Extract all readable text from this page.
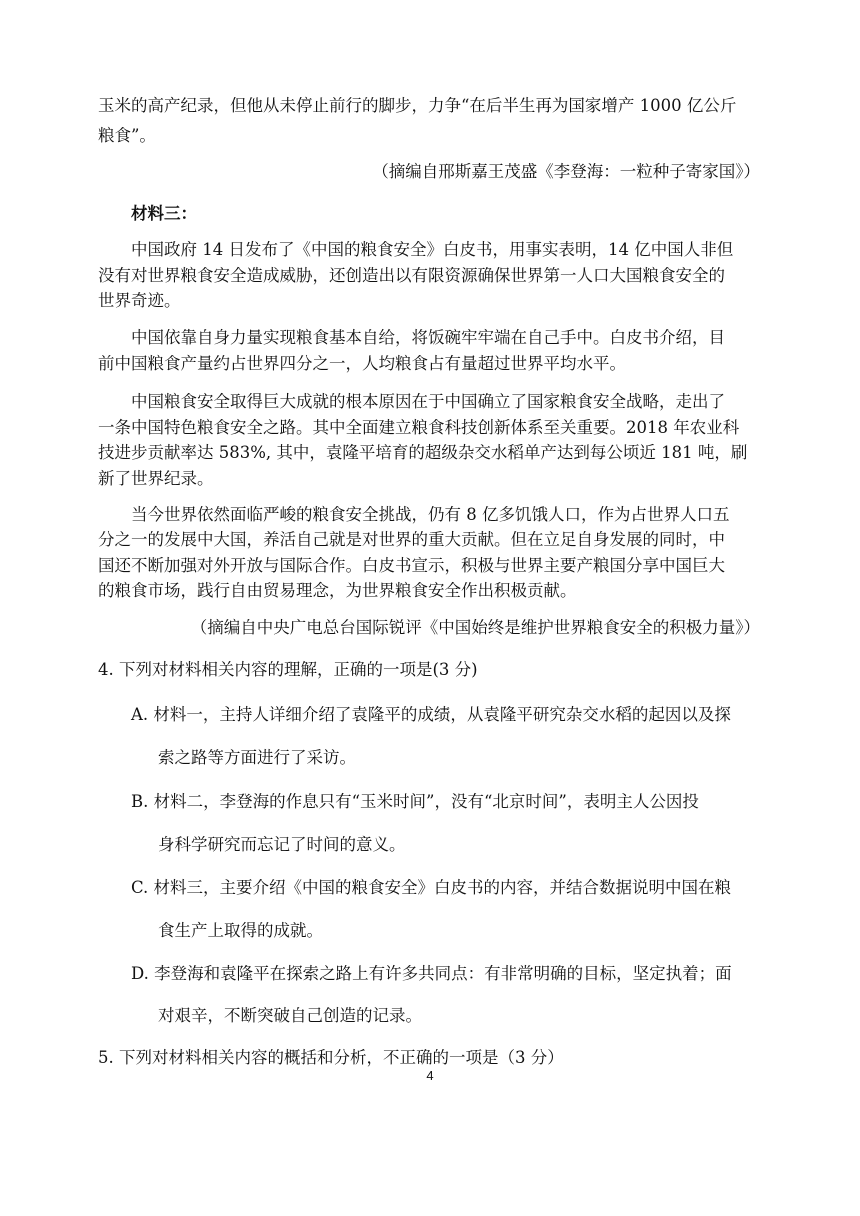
玉米的高产纪录，但他从未停止前行的脚步，力争“在后半生再为国家增产 1000 亿公斤
粮食”。
（摘编自邢斯嘉王茂盛《李登海：一粒种子寄家国》）
材料三：
中国政府 14 日发布了《中国的粮食安全》白皮书，用事实表明，14 亿中国人非但
没有对世界粮食安全造成威胁，还创造出以有限资源确保世界第一人口大国粮食安全的
世界奇迹。
中国依靠自身力量实现粮食基本自给，将饭碗牢牢端在自己手中。白皮书介绍，目
前中国粮食产量约占世界四分之一，人均粮食占有量超过世界平均水平。
中国粮食安全取得巨大成就的根本原因在于中国确立了国家粮食安全战略，走出了
一条中国特色粮食安全之路。其中全面建立粮食科技创新体系至关重要。2018 年农业科
技进步贡献率达 583%, 其中，袁隆平培育的超级杂交水稻单产达到每公顷近 181 吨，刷
新了世界纪录。
当今世界依然面临严峻的粮食安全挑战，仍有 8 亿多饥饿人口，作为占世界人口五
分之一的发展中大国，养活自己就是对世界的重大贡献。但在立足自身发展的同时，中
国还不断加强对外开放与国际合作。白皮书宣示，积极与世界主要产粮国分享中国巨大
的粮食市场，践行自由贸易理念，为世界粮食安全作出积极贡献。
（摘编自中央广电总台国际锐评《中国始终是维护世界粮食安全的积极力量》）
4. 下列对材料相关内容的理解，正确的一项是(3 分)
A. 材料一，主持人详细介绍了袁隆平的成绩，从袁隆平研究杂交水稻的起因以及探
索之路等方面进行了采访。
B. 材料二，李登海的作息只有“玉米时间”，没有“北京时间”，表明主人公因投
身科学研究而忘记了时间的意义。
C. 材料三，主要介绍《中国的粮食安全》白皮书的内容，并结合数据说明中国在粮
食生产上取得的成就。
D. 李登海和袁隆平在探索之路上有许多共同点：有非常明确的目标，坚定执着；面
对艰辛，不断突破自己创造的记录。
5. 下列对材料相关内容的概括和分析，不正确的一项是（3 分）
4
